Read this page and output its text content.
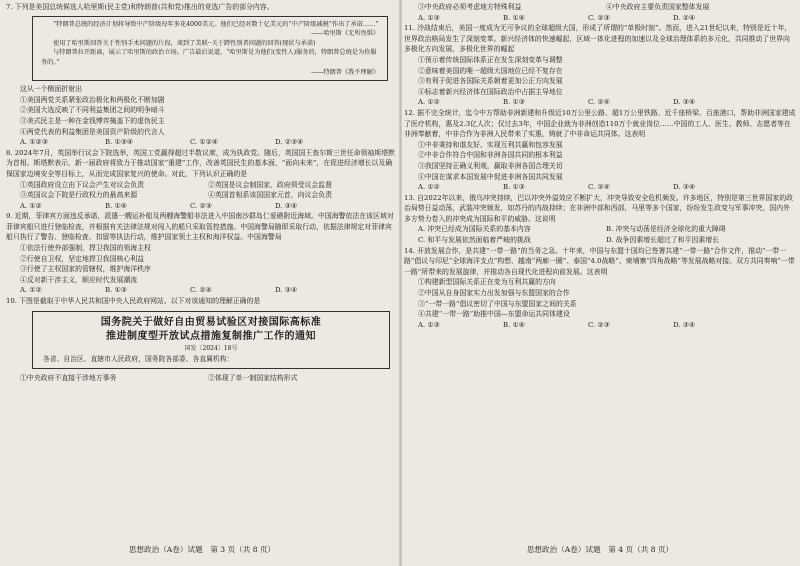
7. 下列是美国总统候选人哈里斯(民主党)和特朗普(共和党)推出的竞选广告的部分内容。

“特朗普总统的经济计划将导致中产阶级每年多花4000美元。他们已经对数十亿美元的“中产阶级减税”作出了承诺……”

——哈里斯《无所畏惧》

使用了哈里斯回答关于性别手术问题的片段，谈到了美联··关于跨性别者问题的回答(现状与承诺)

与特朗普拉开距离，展示了哈里斯的政治立场。广告最后说道，“哈里斯是为他们(变性人)服务的，特朗普总统是为你服务的。”

——特朗普《我不理解》

这从一个侧面折射出

①美国两党关系紧张政治极化和两极化不断加剧
②美国大选反映了不同利益集团之间的明争暗斗
③美式民主是一种在金钱博弈掩盖下的虚伪民主
④两党代表的利益集团是美国资产阶级的代言人
A. ①②③	B. ①③④	C. ①②④	D. ②③④

8. 2024年7月，英国举行议会下院选举，英国工党赢得超过半数议席，成为执政党。随后，英国国王查尔斯三世任命领袖斯塔默为首相。斯塔默表示，新一届政府将致力于推动国家“重建”工作，改善英国民生的基本面，“面向未来”，在促进经济增长以及确保国家边境安全等目标上，从而完成国家复兴的使命。对此，下列认识正确的是

①英国政府设立由下议会产生对议会负责	②英国是议会制国家，政府须受议会监督
③英国议会下院是行政权力的最高来源	④英国首相系该国国家元首，向议会负责
A. ①②	B. ①④	C. ②③	D. ③④

9. 近期，菲律宾方面违反承诺，派遣一艘运补船及两艘海警船非法进入中国南沙群岛仁爱礁附近海域。中国海警依法在该区域对菲律宾船只进行登临检查，并根据有关法律法规对闯入的船只采取管控措施。中国海警局随即采取行动，依据法律规定对菲律宾船只执行了警告、登临检查、扣留等执法行动，维护国家领土主权和海洋权益。中国海警局

①依法行使外部强制，捍卫我国的领海主权
②行使自卫权，坚定地捍卫我国核心利益
③行使了主权国家的管辖权，维护海洋秩序
④反对新干涉主义，顺应时代发展潮流
A. ①②	B. ①③	C. ②④	D. ③④

10. 下图是截取于中华人民共和国中央人民政府网站。以下对该通知的理解正确的是

国务院关于做好自由贸易试验区对接国际高标准
推进制度型开放试点措施复制推广工作的通知
国发〔2024〕18号
各省、自治区、直辖市人民政府，国务院各部委、各直属机构：
①中央政府不直接干涉地方事务	②体现了单一制国家结构形式
思想政治（A卷）试题　第 3 页（共 8 页）
③中央政府必须考虑地方特殊利益	④中央政府主要负责国家整体发展
A. ①③	B. ①④	C. ②③	D. ②④

11. 冷战结束后，美国一度成为无可争议的全球超级大国，形成了所谓的“单极时刻”。然而，进入21世纪以来，特别是近十年，世界政治格局发生了深刻变革。新兴经济体的快速崛起，区域一体化进程的加速以及全球治理体系的多元化，共同推动了世界向多极化方向发展，多极化世界的崛起

①预示着传统国际体系正在发生深刻变革与调整
②意味着美国的唯一超级大国地位已经不复存在
③有利于促进各国际关系朝着更加公正方向发展
④标志着新兴经济体在国际政治中占据主导地位
A. ①②	B. ①③	C. ②④	D. ③④

12. 据不完全统计，迄今中方帮助非洲新建和升级近10万公里公路、超1万公里铁路、近千座桥梁、百座港口，帮助非洲国家建成了医疗机构，惠及2.3亿人次；仅过去3年，中国企业就为非洲创造110万个就业岗位……中国的工人、医生、教师、志愿者等在非洲奉献着，中非合作为非洲人民带来了实惠，铸就了中非命运共同体。这表明

①中非秉持和谐友好、实现互利共赢和包容发展
②中非合作符合中国和非洲各国共同的根本利益
③我国坚持正确义利观，赢取非洲各国合理关切
④中国在谋求本国发展中促进非洲各国共同发展
A. ①②	B. ①③	C. ②④	D. ③④

13. 自2022年以来，俄乌冲突持续，巴以冲突外溢效应不断扩大，冲突导致安全危机频发。许多地区，特别是第三世界国家的政治局势日益动荡，武装冲突频发，如苏丹的内战持续；在非洲中部和西部，马里等多个国家，纷纷发生政变与军事冲突，国内外多方势力卷入的冲突成为国际和平的威胁。这说明

A. 冲突已经成为国际关系的基本内容	B. 冲突与动荡是经济全球化的重大障碍
C. 和平与发展依然面临着严峻的挑战	D. 战争因素增长超过了和平因素增长

14. 开放发展合作，是共建“一带一路”的当务之急。十年来，中国与东盟十国均已签署共建“一带一路”合作文件，推动“一带一路”倡议与印尼“全球海洋支点”构想、越南“两廊一圈”、泰国“4.0战略”、柬埔寨“四角战略”等发展战略对接。双方共同奏响“一带一路”所带来的发展旋律，并推动各自现代化进程向前发展。这表明

①构建新型国际关系正在变为互利共赢的方向
②中国从自身国家实力出发加强与东盟国家的合作
③“一带一路”倡议密切了中国与东盟国家之间的关系
④共建“一带一路”助推中国—东盟命运共同体建设
A. ①③	B. ①④	C. ②③	D. ③④
思想政治（A卷）试题　第 4 页（共 8 页）
